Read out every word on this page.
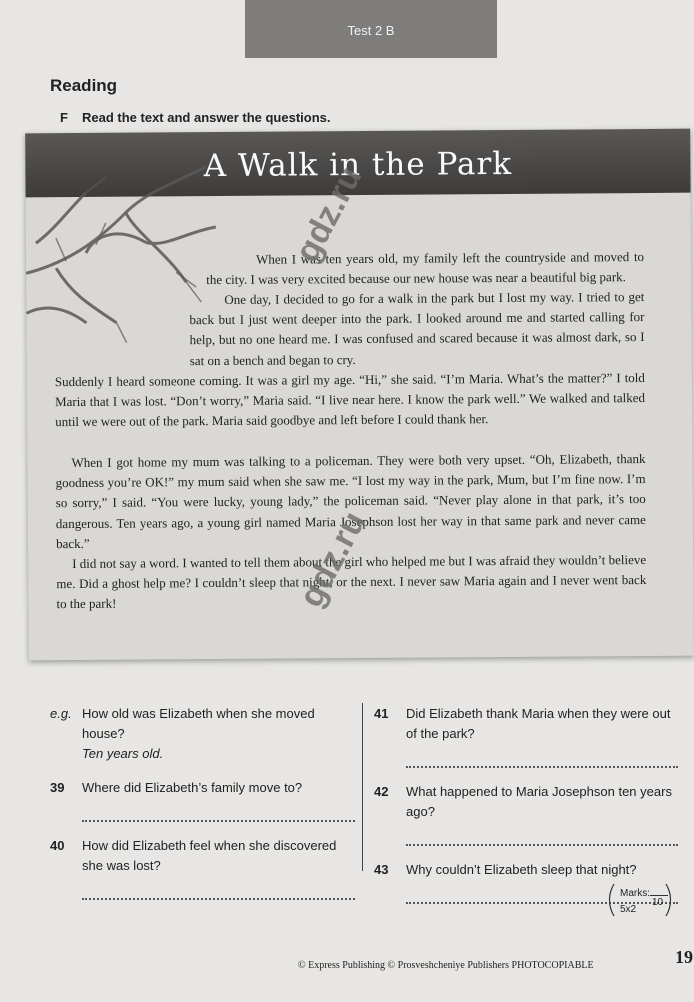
Test 2 B
Reading
F Read the text and answer the questions.
A Walk in the Park
When I was ten years old, my family left the countryside and moved to the city. I was very excited because our new house was near a beautiful big park.
One day, I decided to go for a walk in the park but I lost my way. I tried to get back but I just went deeper into the park. I looked around me and started calling for help, but no one heard me. I was confused and scared because it was almost dark, so I sat on a bench and began to cry.
Suddenly I heard someone coming. It was a girl my age. “Hi,” she said. “I’m Maria. What’s the matter?” I told Maria that I was lost. “Don’t worry,” Maria said. “I live near here. I know the park well.” We walked and talked until we were out of the park. Maria said goodbye and left before I could thank her.
When I got home my mum was talking to a policeman. They were both very upset. “Oh, Elizabeth, thank goodness you’re OK!” my mum said when she saw me. “I lost my way in the park, Mum, but I’m fine now. I’m so sorry,” I said. “You were lucky, young lady,” the policeman said. “Never play alone in that park, it’s too dangerous. Ten years ago, a young girl named Maria Josephson lost her way in that same park and never came back.”
I did not say a word. I wanted to tell them about the girl who helped me but I was afraid they wouldn’t believe me. Did a ghost help me? I couldn’t sleep that night, or the next. I never saw Maria again and I never went back to the park!
gdz.ru
gdz.ru
e.g. How old was Elizabeth when she moved house?
Ten years old.
39 Where did Elizabeth’s family move to?
40 How did Elizabeth feel when she discovered she was lost?
41 Did Elizabeth thank Maria when they were out of the park?
42 What happened to Maria Josephson ten years ago?
43 Why couldn’t Elizabeth sleep that night?
Marks:
5x2
10
© Express Publishing © Prosveshcheniye Publishers PHOTOCOPIABLE	19
